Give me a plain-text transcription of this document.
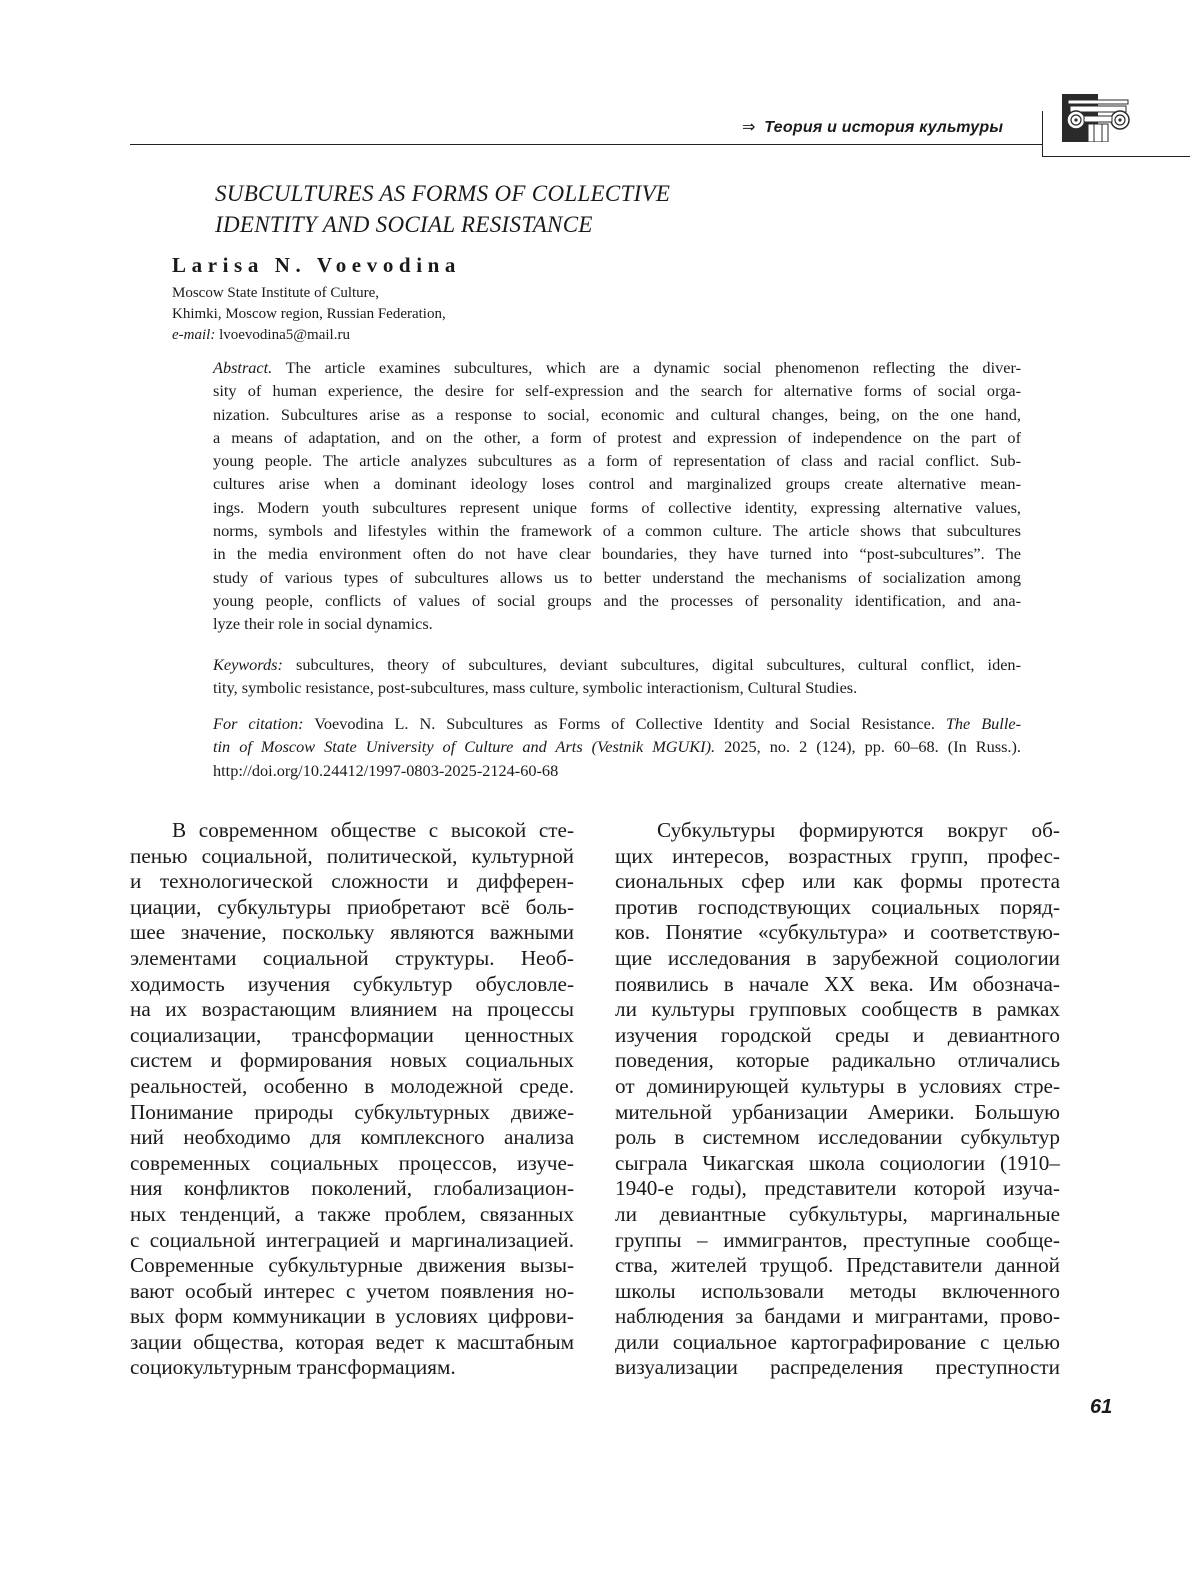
⇒ Теория и история культуры
SUBCULTURES AS FORMS OF COLLECTIVE
IDENTITY AND SOCIAL RESISTANCE
Larisa N. Voevodina
Moscow State Institute of Culture,
Khimki, Moscow region, Russian Federation,
e-mail: lvoevodina5@mail.ru
Abstract. The article examines subcultures, which are a dynamic social phenomenon reflecting the diver-
sity of human experience, the desire for self-expression and the search for alternative forms of social orga-
nization. Subcultures arise as a response to social, economic and cultural changes, being, on the one hand,
a means of adaptation, and on the other, a form of protest and expression of independence on the part of
young people. The article analyzes subcultures as a form of representation of class and racial conflict. Sub-
cultures arise when a dominant ideology loses control and marginalized groups create alternative mean-
ings. Modern youth subcultures represent unique forms of collective identity, expressing alternative values,
norms, symbols and lifestyles within the framework of a common culture. The article shows that subcultures
in the media environment often do not have clear boundaries, they have turned into “post-subcultures”. The
study of various types of subcultures allows us to better understand the mechanisms of socialization among
young people, conflicts of values of social groups and the processes of personality identification, and ana-
lyze their role in social dynamics.
Keywords: subcultures, theory of subcultures, deviant subcultures, digital subcultures, cultural conflict, iden-
tity, symbolic resistance, post-subcultures, mass culture, symbolic interactionism, Cultural Studies.
For citation: Voevodina L. N. Subcultures as Forms of Collective Identity and Social Resistance. The Bulle-
tin of Moscow State University of Culture and Arts (Vestnik MGUKI). 2025, no. 2 (124), pp. 60–68. (In Russ.).
http://doi.org/10.24412/1997-0803-2025-2124-60-68
В современном обществе с высокой сте-
пенью социальной, политической, культурной
и технологической сложности и дифферен-
циации, субкультуры приобретают всё боль-
шее значение, поскольку являются важными
элементами социальной структуры. Необ-
ходимость изучения субкультур обусловле-
на их возрастающим влиянием на процессы
социализации, трансформации ценностных
систем и формирования новых социальных
реальностей, особенно в молодежной среде.
Понимание природы субкультурных движе-
ний необходимо для комплексного анализа
современных социальных процессов, изуче-
ния конфликтов поколений, глобализацион-
ных тенденций, а также проблем, связанных
с социальной интеграцией и маргинализацией.
Современные субкультурные движения вызы-
вают особый интерес с учетом появления но-
вых форм коммуникации в условиях цифрови-
зации общества, которая ведет к масштабным
социокультурным трансформациям.
Субкультуры формируются вокруг об-
щих интересов, возрастных групп, профес-
сиональных сфер или как формы протеста
против господствующих социальных поряд-
ков. Понятие «субкультура» и соответствую-
щие исследования в зарубежной социологии
появились в начале XX века. Им обознача-
ли культуры групповых сообществ в рамках
изучения городской среды и девиантного
поведения, которые радикально отличались
от доминирующей культуры в условиях стре-
мительной урбанизации Америки. Большую
роль в системном исследовании субкультур
сыграла Чикагская школа социологии (1910–
1940-е годы), представители которой изуча-
ли девиантные субкультуры, маргинальные
группы – иммигрантов, преступные сообще-
ства, жителей трущоб. Представители данной
школы использовали методы включенного
наблюдения за бандами и мигрантами, прово-
дили социальное картографирование с целью
визуализации распределения преступности
61
